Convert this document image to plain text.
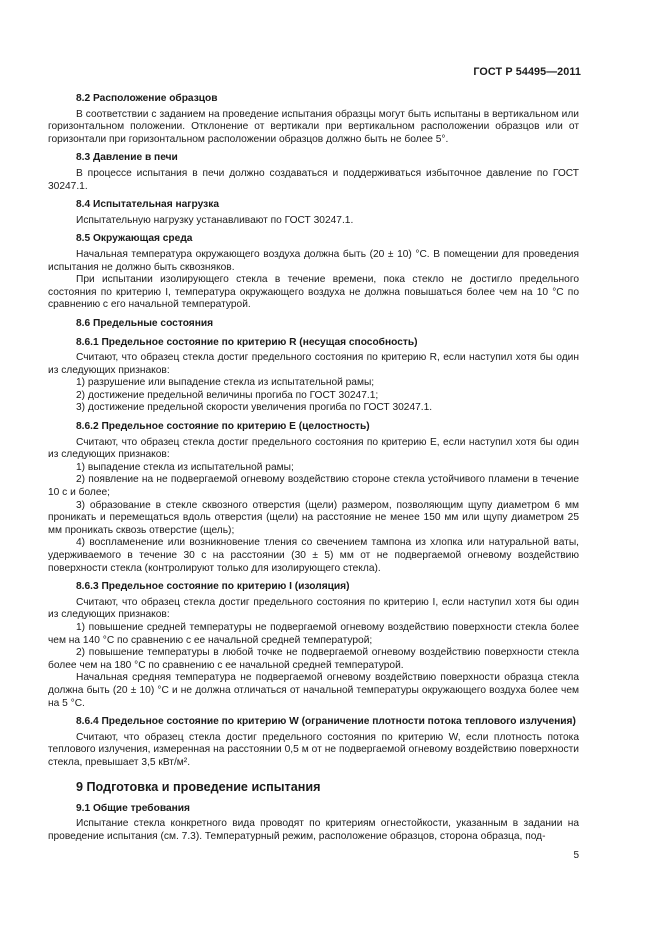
ГОСТ Р 54495—2011

8.2 Расположение образцов

В соответствии с заданием на проведение испытания образцы могут быть испытаны в вертикальном или горизонтальном положении. Отклонение от вертикали при вертикальном расположении образцов или от горизонтали при горизонтальном расположении образцов должно быть не более 5°.

8.3 Давление в печи

В процессе испытания в печи должно создаваться и поддерживаться избыточное давление по ГОСТ 30247.1.

8.4 Испытательная нагрузка

Испытательную нагрузку устанавливают по ГОСТ 30247.1.

8.5 Окружающая среда

Начальная температура окружающего воздуха должна быть (20 ± 10) °С. В помещении для проведения испытания не должно быть сквозняков.

При испытании изолирующего стекла в течение времени, пока стекло не достигло предельного состояния по критерию I, температура окружающего воздуха не должна повышаться более чем на 10 °С по сравнению с его начальной температурой.

8.6 Предельные состояния

8.6.1 Предельное состояние по критерию R (несущая способность)

Считают, что образец стекла достиг предельного состояния по критерию R, если наступил хотя бы один из следующих признаков:

1) разрушение или выпадение стекла из испытательной рамы;

2) достижение предельной величины прогиба по ГОСТ 30247.1;

3) достижение предельной скорости увеличения прогиба по ГОСТ 30247.1.

8.6.2 Предельное состояние по критерию Е (целостность)

Считают, что образец стекла достиг предельного состояния по критерию Е, если наступил хотя бы один из следующих признаков:

1) выпадение стекла из испытательной рамы;

2) появление на не подвергаемой огневому воздействию стороне стекла устойчивого пламени в течение 10 с и более;

3) образование в стекле сквозного отверстия (щели) размером, позволяющим щупу диаметром 6 мм проникать и перемещаться вдоль отверстия (щели) на расстояние не менее 150 мм или щупу диаметром 25 мм проникать сквозь отверстие (щель);

4) воспламенение или возникновение тления со свечением тампона из хлопка или натуральной ваты, удерживаемого в течение 30 с на расстоянии (30 ± 5) мм от не подвергаемой огневому воздействию поверхности стекла (контролируют только для изолирующего стекла).

8.6.3 Предельное состояние по критерию I (изоляция)

Считают, что образец стекла достиг предельного состояния по критерию I, если наступил хотя бы один из следующих признаков:

1) повышение средней температуры не подвергаемой огневому воздействию поверхности стекла более чем на 140 °С по сравнению с ее начальной средней температурой;

2) повышение температуры в любой точке не подвергаемой огневому воздействию поверхности стекла более чем на 180 °С по сравнению с ее начальной средней температурой.

Начальная средняя температура не подвергаемой огневому воздействию поверхности образца стекла должна быть (20 ± 10) °С и не должна отличаться от начальной температуры окружающего воздуха более чем на 5 °С.

8.6.4 Предельное состояние по критерию W (ограничение плотности потока теплового излучения)

Считают, что образец стекла достиг предельного состояния по критерию W, если плотность потока теплового излучения, измеренная на расстоянии 0,5 м от не подвергаемой огневому воздействию поверхности стекла, превышает 3,5 кВт/м².

9 Подготовка и проведение испытания

9.1 Общие требования

Испытание стекла конкретного вида проводят по критериям огнестойкости, указанным в задании на проведение испытания (см. 7.3). Температурный режим, расположение образцов, сторона образца, под-

5
